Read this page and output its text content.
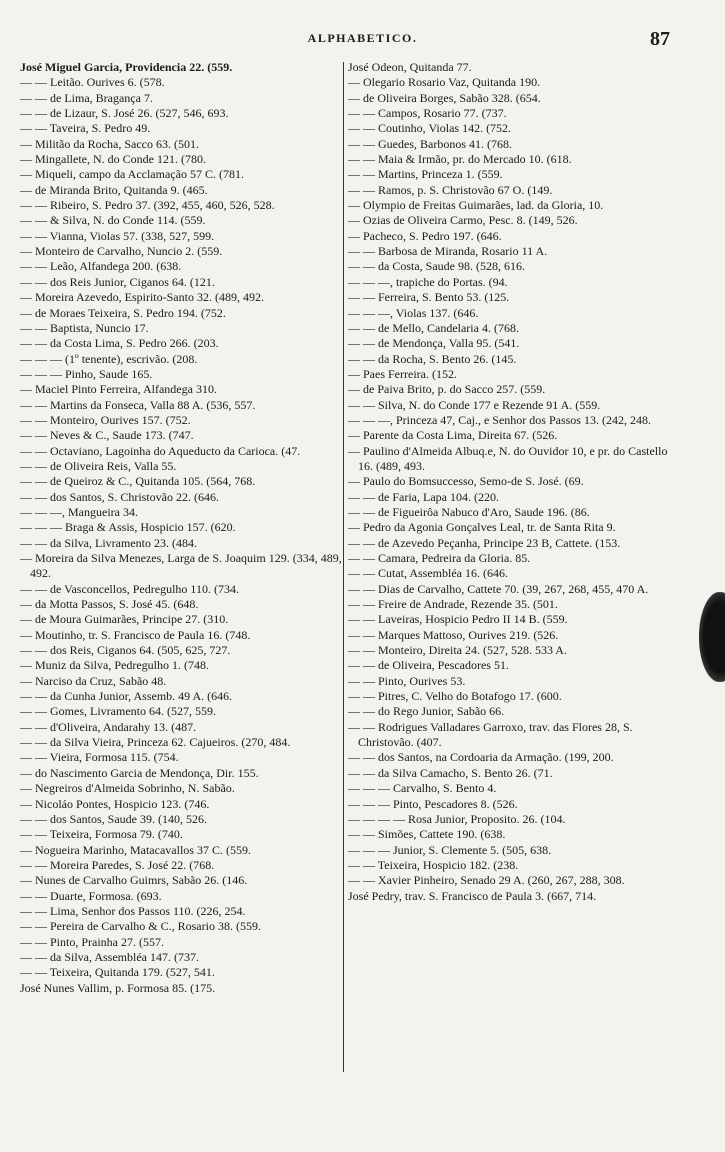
ALPHABETICO.	87

José Miguel Garcia, Providencia 22. (559.

— — Leitão. Ourives 6. (578.

— — de Lima, Bragança 7.

— — de Lizaur, S. José 26. (527, 546, 693.

— — Taveira, S. Pedro 49.

— Militão da Rocha, Sacco 63. (501.

— Mingallete, N. do Conde 121. (780.

— Miqueli, campo da Acclamação 57 C. (781.

— de Miranda Brito, Quitanda 9. (465.

— — Ribeiro, S. Pedro 37. (392, 455, 460, 526, 528.

— — & Silva, N. do Conde 114. (559.

— — Vianna, Violas 57. (338, 527, 599.

— Monteiro de Carvalho, Nuncio 2. (559.

— — Leão, Alfandega 200. (638.

— — dos Reis Junior, Ciganos 64. (121.

— Moreira Azevedo, Espirito-Santo 32. (489, 492.

— de Moraes Teixeira, S. Pedro 194. (752.

— — Baptista, Nuncio 17.

— — da Costa Lima, S. Pedro 266. (203.

— — — (1º tenente), escrivão. (208.

— — — Pinho, Saude 165.

— Maciel Pinto Ferreira, Alfandega 310.

— — Martins da Fonseca, Valla 88 A. (536, 557.

— — Monteiro, Ourives 157. (752.

— — Neves & C., Saude 173. (747.

— — Octaviano, Lagoinha do Aqueducto da Carioca. (47.

— — de Oliveira Reis, Valla 55.

— — de Queiroz & C., Quitanda 105. (564, 768.

— — dos Santos, S. Christovão 22. (646.

— — —, Mangueira 34.

— — — Braga & Assis, Hospicio 157. (620.

— — da Silva, Livramento 23. (484.

— Moreira da Silva Menezes, Larga de S. Joaquim 129. (334, 489, 492.

— — de Vasconcellos, Pedregulho 110. (734.

— da Motta Passos, S. José 45. (648.

— de Moura Guimarães, Principe 27. (310.

— Moutinho, tr. S. Francisco de Paula 16. (748.

— — dos Reis, Ciganos 64. (505, 625, 727.

— Muniz da Silva, Pedregulho 1. (748.

— Narciso da Cruz, Sabão 48.

— — da Cunha Junior, Assemb. 49 A. (646.

— — Gomes, Livramento 64. (527, 559.

— — d'Oliveira, Andarahy 13. (487.

— — da Silva Vieira, Princeza 62. Cajueiros. (270, 484.

— — Vieira, Formosa 115. (754.

— do Nascimento Garcia de Mendonça, Dir. 155.

— Negreiros d'Almeida Sobrinho, N. Sabão.

— Nicoláo Pontes, Hospicio 123. (746.

— — dos Santos, Saude 39. (140, 526.

— — Teixeira, Formosa 79. (740.

— Nogueira Marinho, Matacavallos 37 C. (559.

— — Moreira Paredes, S. José 22. (768.

— Nunes de Carvalho Guimrs, Sabão 26. (146.

— — Duarte, Formosa. (693.

— — Lima, Senhor dos Passos 110. (226, 254.

— — Pereira de Carvalho & C., Rosario 38. (559.

— — Pinto, Prainha 27. (557.

— — da Silva, Assembléa 147. (737.

— — Teixeira, Quitanda 179. (527, 541.

José Nunes Vallim, p. Formosa 85. (175.

José Odeon, Quitanda 77.

— Olegario Rosario Vaz, Quitanda 190.

— de Oliveira Borges, Sabão 328. (654.

— — Campos, Rosario 77. (737.

— — Coutinho, Violas 142. (752.

— — Guedes, Barbonos 41. (768.

— — Maia & Irmão, pr. do Mercado 10. (618.

— — Martins, Princeza 1. (559.

— — Ramos, p. S. Christovão 67 O. (149.

— Olympio de Freitas Guimarães, lad. da Gloria, 10.

— Ozias de Oliveira Carmo, Pesc. 8. (149, 526.

— Pacheco, S. Pedro 197. (646.

— — Barbosa de Miranda, Rosario 11 A.

— — da Costa, Saude 98. (528, 616.

— — —, trapiche do Portas. (94.

— — Ferreira, S. Bento 53. (125.

— — —, Violas 137. (646.

— — de Mello, Candelaria 4. (768.

— — de Mendonça, Valla 95. (541.

— — da Rocha, S. Bento 26. (145.

— Paes Ferreira. (152.

— de Paiva Brito, p. do Sacco 257. (559.

— — Silva, N. do Conde 177 e Rezende 91 A. (559.

— — —, Princeza 47, Caj., e Senhor dos Passos 13. (242, 248.

— Parente da Costa Lima, Direita 67. (526.

— Paulino d'Almeida Albuq.e, N. do Ouvidor 10, e pr. do Castello 16. (489, 493.

— Paulo do Bomsuccesso, Semo-de S. José. (69.

— — de Faria, Lapa 104. (220.

— — de Figueirôa Nabuco d'Aro, Saude 196. (86.

— Pedro da Agonia Gonçalves Leal, tr. de Santa Rita 9.

— — de Azevedo Peçanha, Principe 23 B, Cattete. (153.

— — Camara, Pedreira da Gloria. 85.

— — Cutat, Assembléa 16. (646.

— — Dias de Carvalho, Cattete 70. (39, 267, 268, 455, 470 A.

— — Freire de Andrade, Rezende 35. (501.

— — Laveiras, Hospicio Pedro II 14 B. (559.

— — Marques Mattoso, Ourives 219. (526.

— — Monteiro, Direita 24. (527, 528. 533 A.

— — de Oliveira, Pescadores 51.

— — Pinto, Ourives 53.

— — Pitres, C. Velho do Botafogo 17. (600.

— — do Rego Junior, Sabão 66.

— — Rodrigues Valladares Garroxo, trav. das Flores 28, S. Christovão. (407.

— — dos Santos, na Cordoaria da Armação. (199, 200.

— — da Silva Camacho, S. Bento 26. (71.

— — — Carvalho, S. Bento 4.

— — — Pinto, Pescadores 8. (526.

— — — — Rosa Junior, Proposito. 26. (104.

— — Simões, Cattete 190. (638.

— — — Junior, S. Clemente 5. (505, 638.

— — Teixeira, Hospicio 182. (238.

— — Xavier Pinheiro, Senado 29 A. (260, 267, 288, 308.

José Pedry, trav. S. Francisco de Paula 3. (667, 714.
